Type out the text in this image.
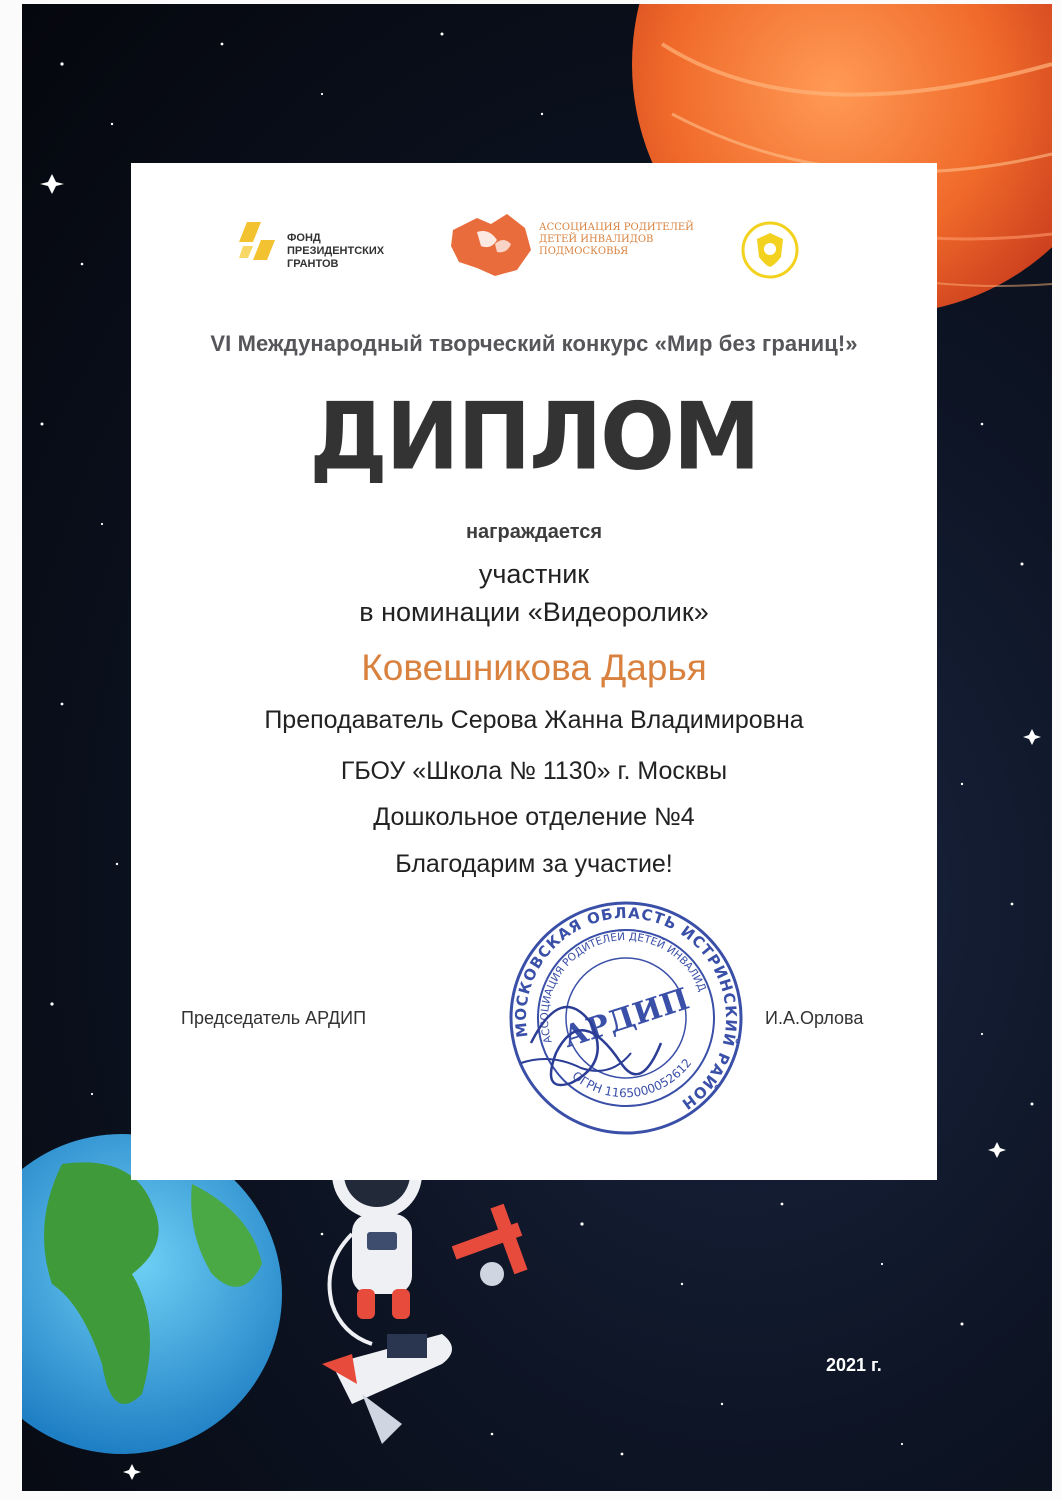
ФОНД
ПРЕЗИДЕНТСКИХ
ГРАНТОВ
АССОЦИАЦИЯ РОДИТЕЛЕЙ
ДЕТЕЙ ИНВАЛИДОВ
ПОДМОСКОВЬЯ
VI Международный творческий конкурс «Мир без границ!»
ДИПЛОМ
награждается
участник
в номинации «Видеоролик»
Ковешникова Дарья
Преподаватель Серова Жанна Владимировна
ГБОУ «Школа № 1130» г. Москвы
Дошкольное отделение №4
Благодарим за участие!
Председатель АРДИП	И.А.Орлова
МОСКОВСКАЯ ОБЛАСТЬ ИСТРИНСКИЙ РАЙОН
АССОЦИАЦИЯ РОДИТЕЛЕЙ ДЕТЕЙ ИНВАЛИДОВ
ОГРН 1165000052612
АРДИП
2021 г.
